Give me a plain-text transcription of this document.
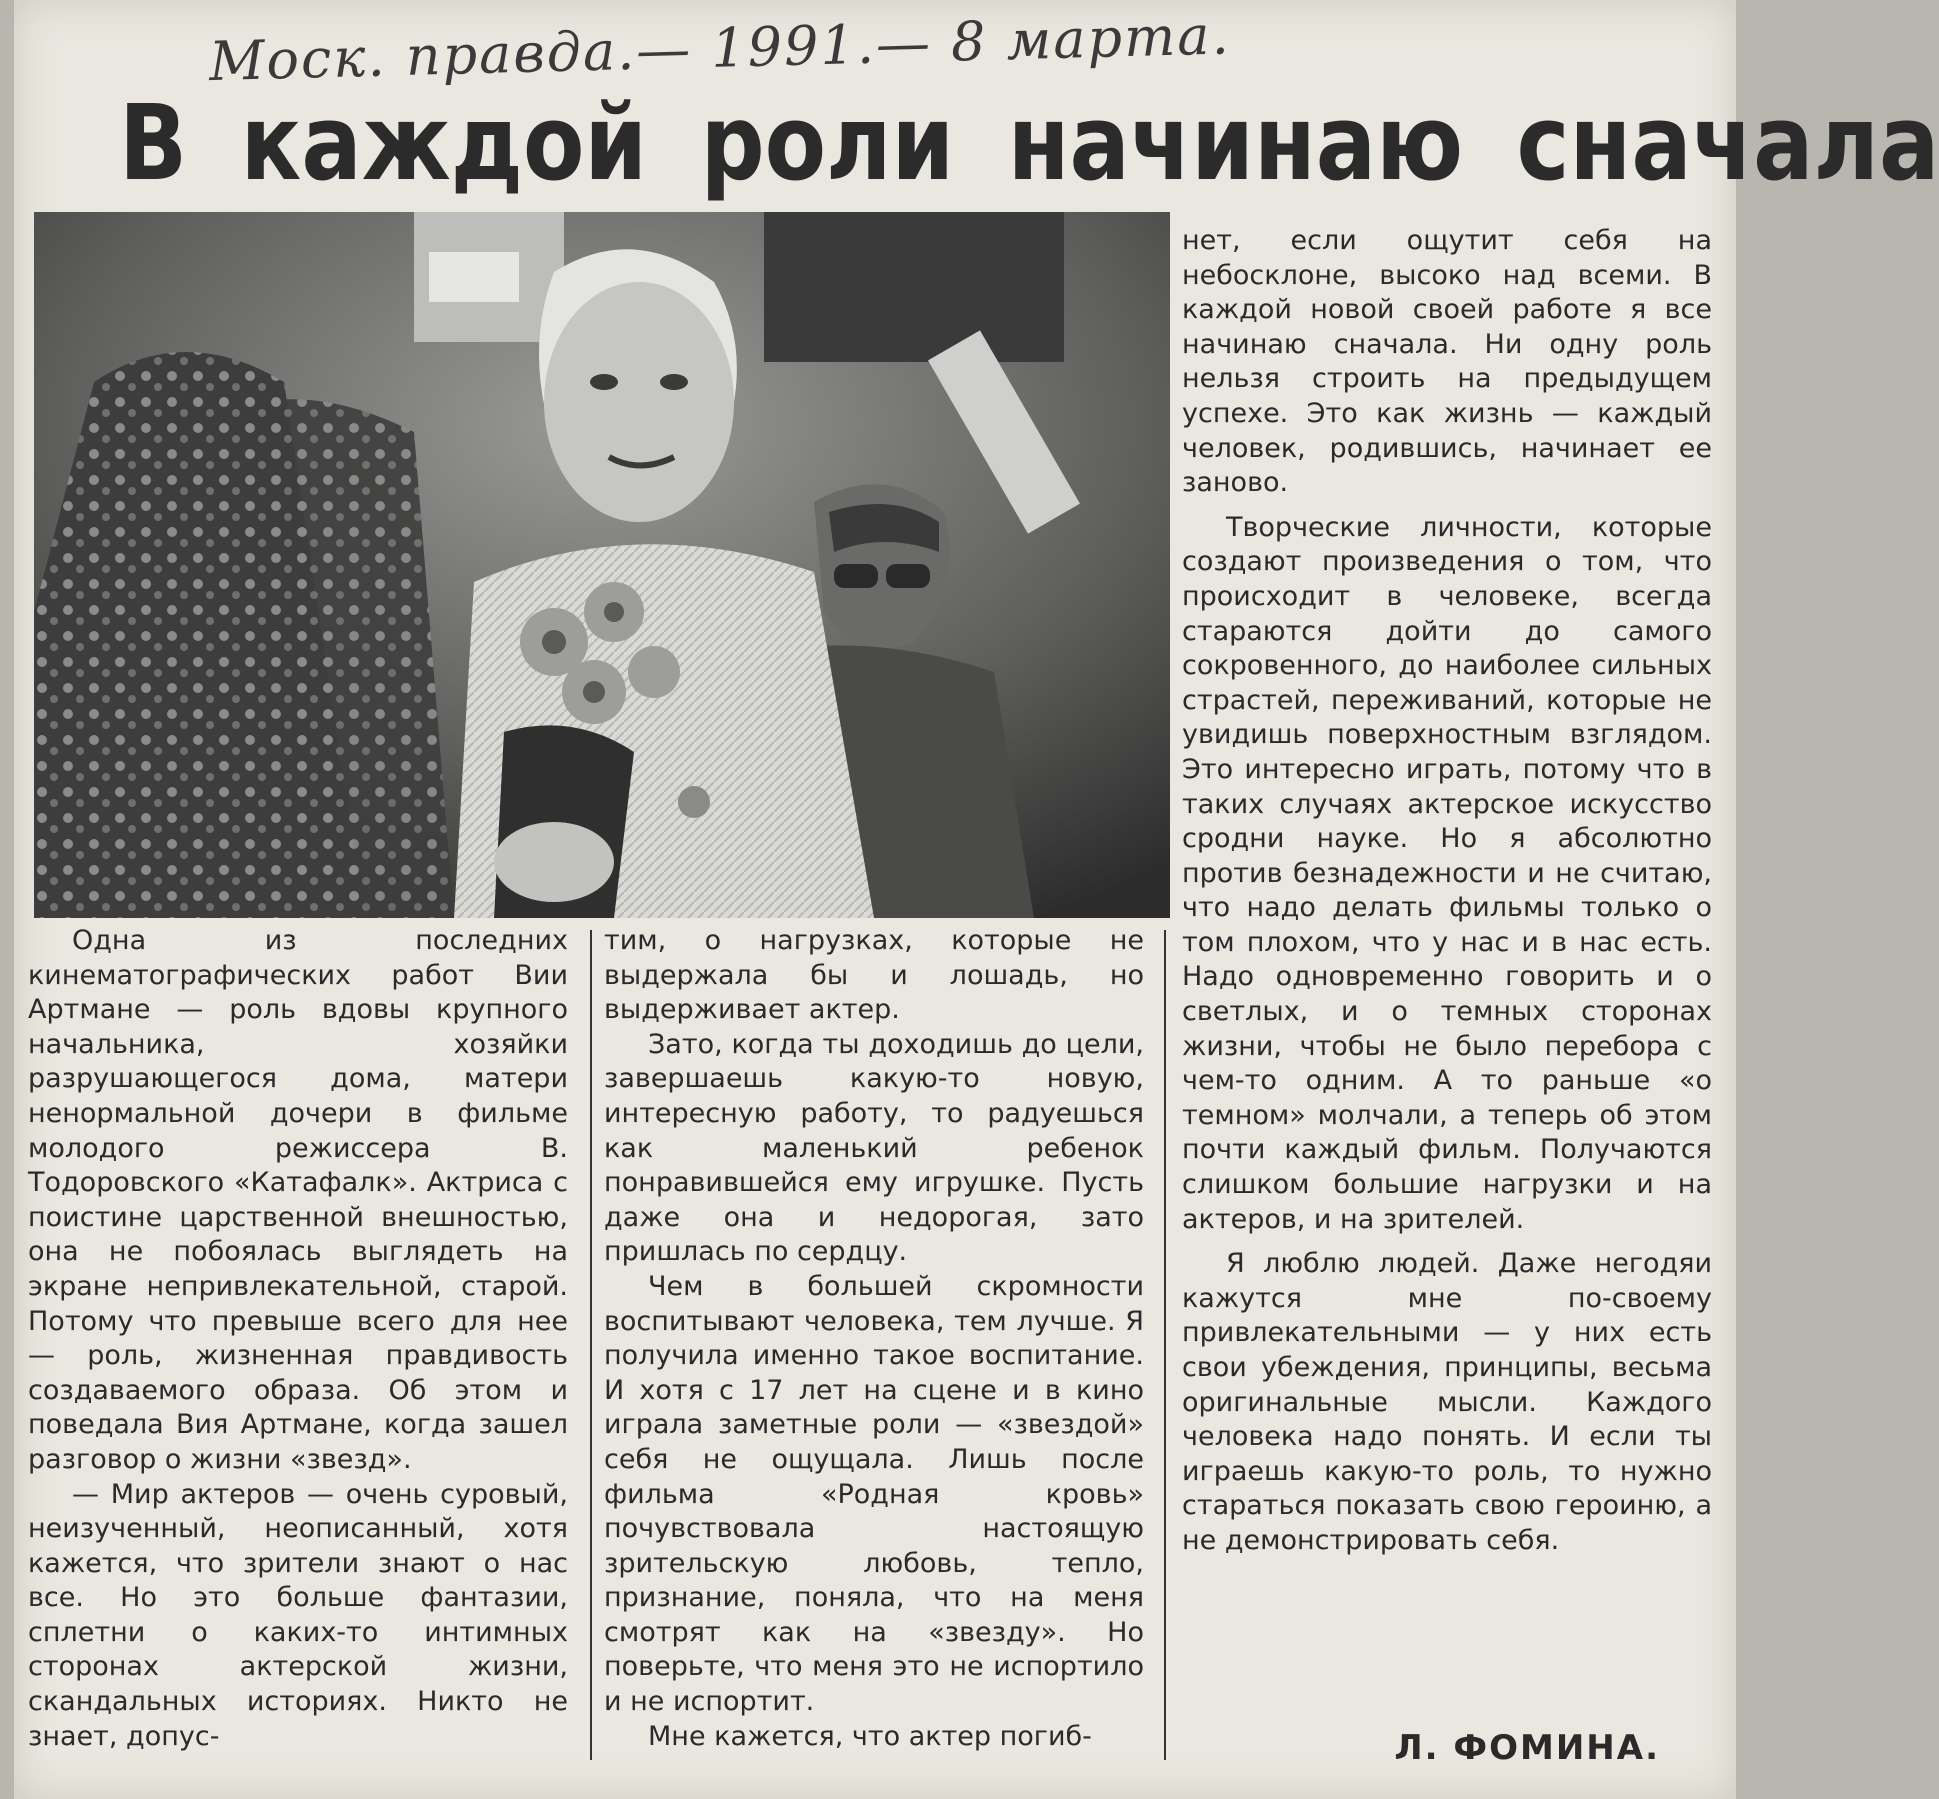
Моск. правда.— 1991.— 8 марта.
В каждой роли начинаю сначала

Одна из последних кинематографических работ Вии Артмане — роль вдовы крупного начальника, хозяйки разрушающегося дома, матери ненормальной дочери в фильме молодого режиссера В. Тодоровского «Катафалк». Актриса с поистине царственной внешностью, она не побоялась выглядеть на экране непривлекательной, старой. Потому что превыше всего для нее — роль, жизненная правдивость создаваемого образа. Об этом и поведала Вия Артмане, когда зашел разговор о жизни «звезд».

— Мир актеров — очень суровый, неизученный, неописанный, хотя кажется, что зрители знают о нас все. Но это больше фантазии, сплетни о каких-то интимных сторонах актерской жизни, скандальных историях. Никто не знает, допус-

тим, о нагрузках, которые не выдержала бы и лошадь, но выдерживает актер.

Зато, когда ты доходишь до цели, завершаешь какую-то новую, интересную работу, то радуешься как маленький ребенок понравившейся ему игрушке. Пусть даже она и недорогая, зато пришлась по сердцу.

Чем в большей скромности воспитывают человека, тем лучше. Я получила именно такое воспитание. И хотя с 17 лет на сцене и в кино играла заметные роли — «звездой» себя не ощущала. Лишь после фильма «Родная кровь» почувствовала настоящую зрительскую любовь, тепло, признание, поняла, что на меня смотрят как на «звезду». Но поверьте, что меня это не испортило и не испортит.

Мне кажется, что актер погиб-

нет, если ощутит себя на небосклоне, высоко над всеми. В каждой новой своей работе я все начинаю сначала. Ни одну роль нельзя строить на предыдущем успехе. Это как жизнь — каждый человек, родившись, начинает ее заново.

Творческие личности, которые создают произведения о том, что происходит в человеке, всегда стараются дойти до самого сокровенного, до наиболее сильных страстей, переживаний, которые не увидишь поверхностным взглядом. Это интересно играть, потому что в таких случаях актерское искусство сродни науке. Но я абсолютно против безнадежности и не считаю, что надо делать фильмы только о том плохом, что у нас и в нас есть. Надо одновременно говорить и о светлых, и о темных сторонах жизни, чтобы не было перебора с чем-то одним. А то раньше «о темном» молчали, а теперь об этом почти каждый фильм. Получаются слишком большие нагрузки и на актеров, и на зрителей.

Я люблю людей. Даже негодяи кажутся мне по-своему привлекательными — у них есть свои убеждения, принципы, весьма оригинальные мысли. Каждого человека надо понять. И если ты играешь какую-то роль, то нужно стараться показать свою героиню, а не демонстрировать себя.

Л. ФОМИНА.
